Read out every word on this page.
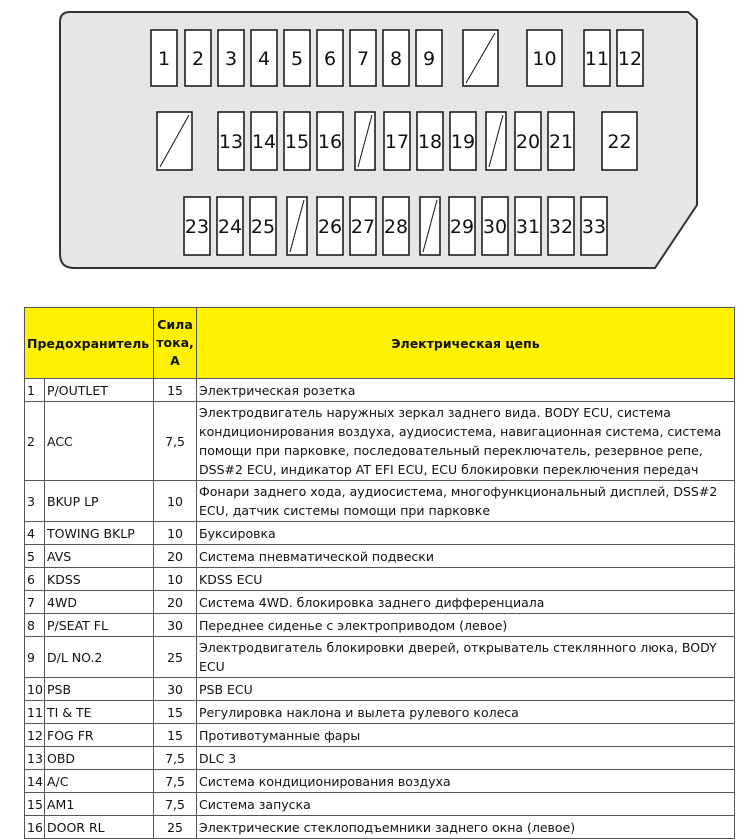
1 2 3 4 5 6 7 8 9	10 11 12
13 14 15 16 17 18 19 20 21 22
23 24 25 26 27 28 29 30 31 32 33
Предохранитель		Сила
тока,
А	Электрическая цепь
1	P/OUTLET	15	Электрическая розетка
2	ACC	7,5	Электродвигатель наружных зеркал заднего вида. BODY ECU, система кондиционирования воздуха, аудиосистема, навигационная система, система помощи при парковке, последовательный переключатель, резервное репе, DSS#2 ECU, индикатор AT EFI ECU, ECU блокировки переключения передач
3	BKUP LP	10	Фонари заднего хода, аудиосистема, многофункциональный дисплей, DSS#2 ECU, датчик системы помощи при парковке
4	TOWING BKLP	10	Буксировка
5	AVS	20	Система пневматической подвески
6	KDSS	10	KDSS ECU
7	4WD	20	Система 4WD. блокировка заднего дифференциала
8	P/SEAT FL	30	Переднее сиденье с электроприводом (левое)
9	D/L NO.2	25	Электродвигатель блокировки дверей, открыватель стеклянного люка, BODY ECU
10	PSB	30	PSB ECU
11	TI & TE	15	Регулировка наклона и вылета рулевого колеса
12	FOG FR	15	Противотуманные фары
13	OBD	7,5	DLC 3
14	A/C	7,5	Система кондиционирования воздуха
15	AM1	7,5	Система запуска
16	DOOR RL	25	Электрические стеклоподъемники заднего окна (левое)
